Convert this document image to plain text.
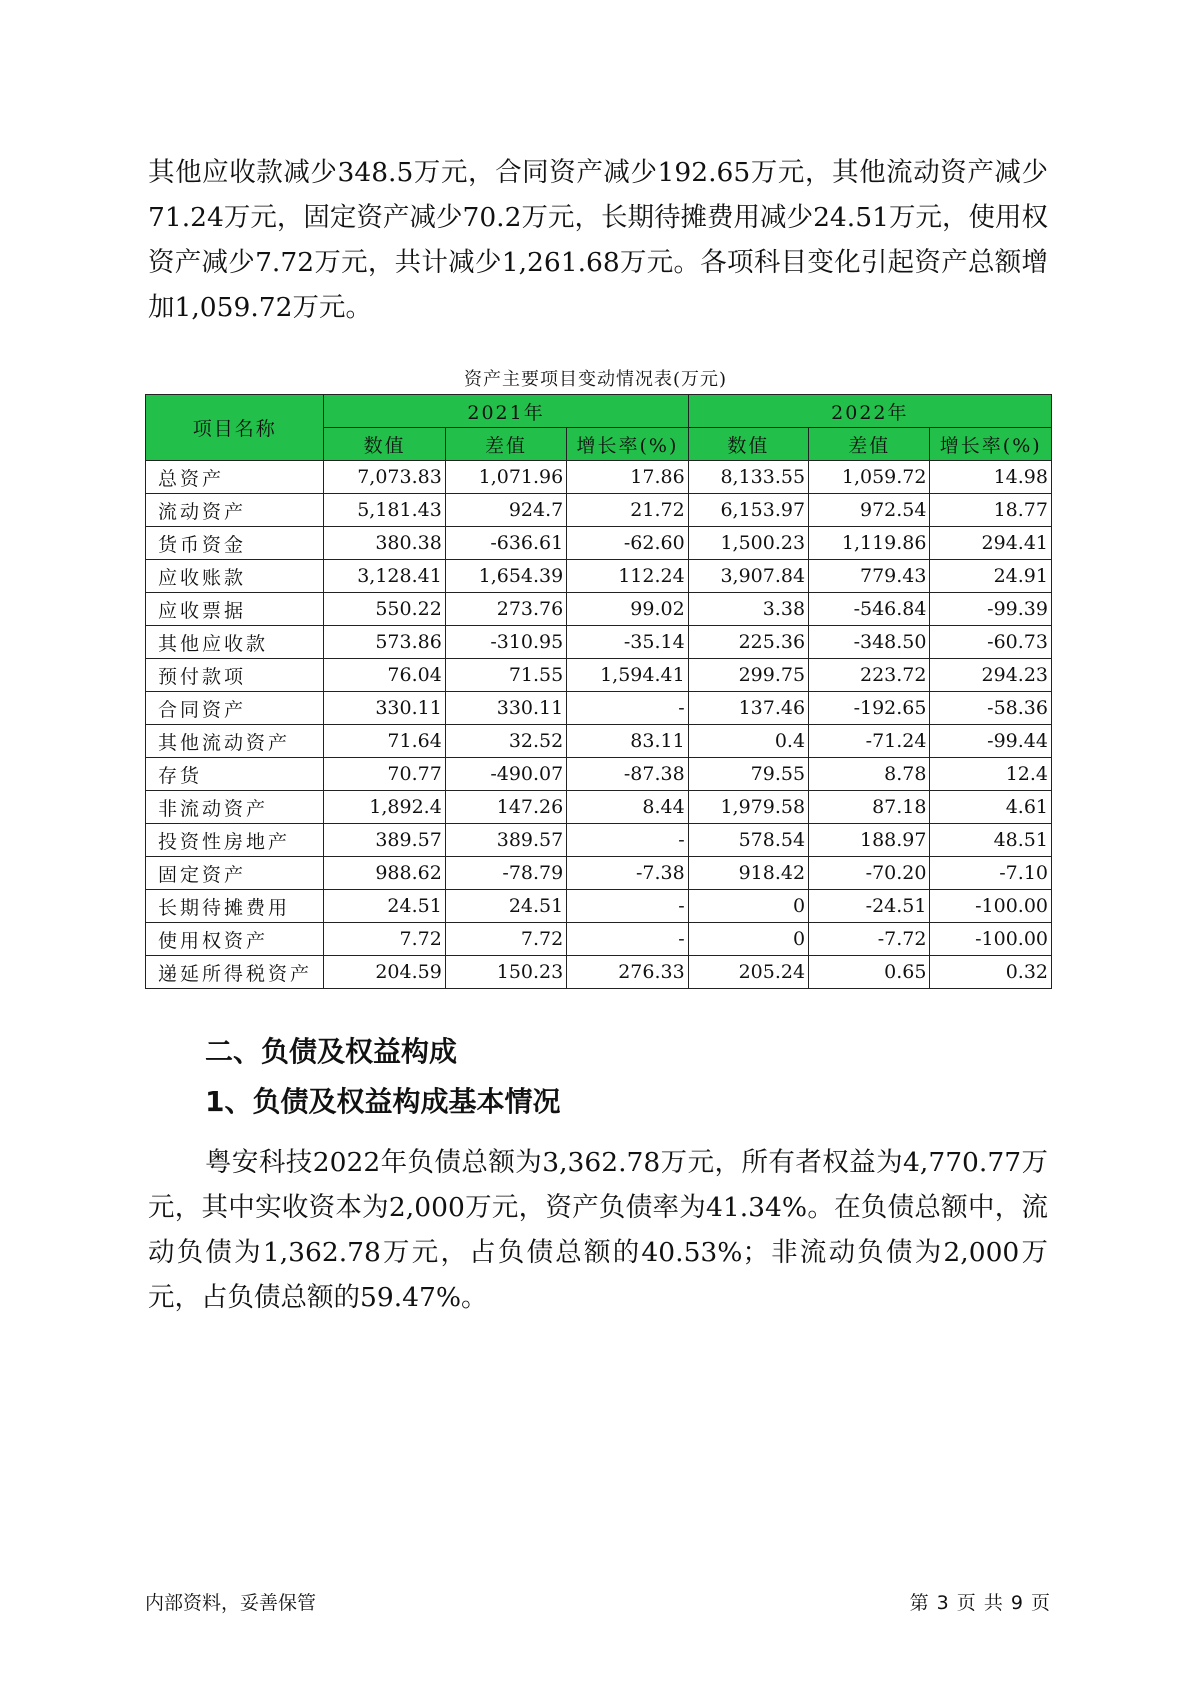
其他应收款减少348.5万元，合同资产减少192.65万元，其他流动资产减少71.24万元，固定资产减少70.2万元，长期待摊费用减少24.51万元，使用权资产减少7.72万元，共计减少1,261.68万元。各项科目变化引起资产总额增加1,059.72万元。

资产主要项目变动情况表(万元)
项目名称	2021年			2022年		
	数值	差值	增长率(%)	数值	差值	增长率(%)
总资产	7,073.83	1,071.96	17.86	8,133.55	1,059.72	14.98
流动资产	5,181.43	924.7	21.72	6,153.97	972.54	18.77
货币资金	380.38	-636.61	-62.60	1,500.23	1,119.86	294.41
应收账款	3,128.41	1,654.39	112.24	3,907.84	779.43	24.91
应收票据	550.22	273.76	99.02	3.38	-546.84	-99.39
其他应收款	573.86	-310.95	-35.14	225.36	-348.50	-60.73
预付款项	76.04	71.55	1,594.41	299.75	223.72	294.23
合同资产	330.11	330.11	-	137.46	-192.65	-58.36
其他流动资产	71.64	32.52	83.11	0.4	-71.24	-99.44
存货	70.77	-490.07	-87.38	79.55	8.78	12.4
非流动资产	1,892.4	147.26	8.44	1,979.58	87.18	4.61
投资性房地产	389.57	389.57	-	578.54	188.97	48.51
固定资产	988.62	-78.79	-7.38	918.42	-70.20	-7.10
长期待摊费用	24.51	24.51	-	0	-24.51	-100.00
使用权资产	7.72	7.72	-	0	-7.72	-100.00
递延所得税资产	204.59	150.23	276.33	205.24	0.65	0.32
二、负债及权益构成
1、负债及权益构成基本情况

粤安科技2022年负债总额为3,362.78万元，所有者权益为4,770.77万元，其中实收资本为2,000万元，资产负债率为41.34%。在负债总额中，流动负债为1,362.78万元，占负债总额的40.53%；非流动负债为2,000万元，占负债总额的59.47%。

内部资料，妥善保管	第 3 页 共 9 页
